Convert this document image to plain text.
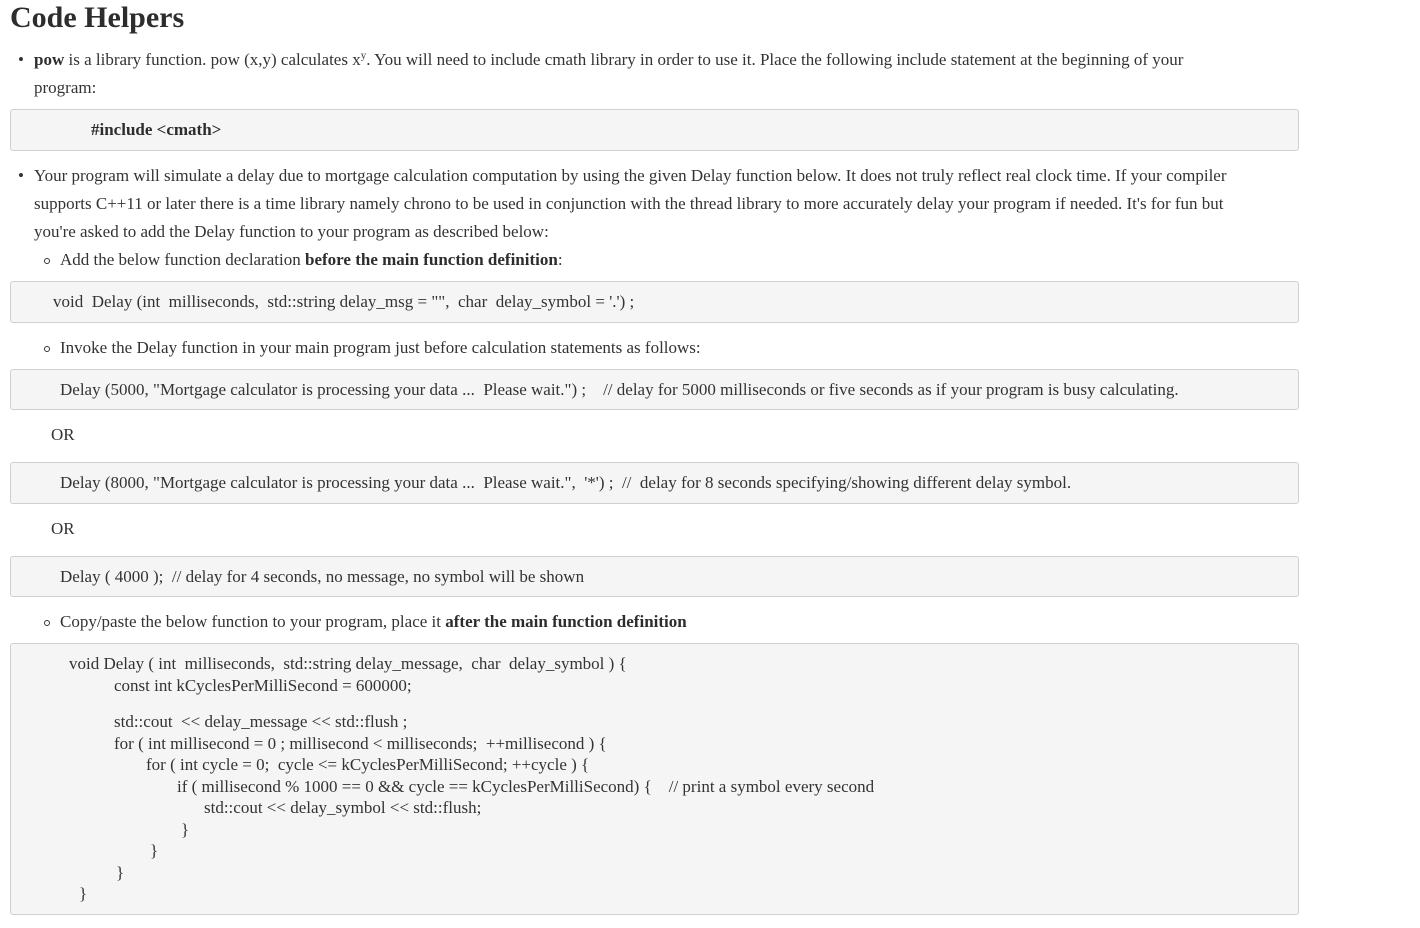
Code Helpers
• pow is a library function. pow (x,y) calculates $x^y$. You will need to include cmath library in order to use it. Place the following include statement at the beginning of your
program:
#include <cmath>
• Your program will simulate a delay due to mortgage calculation computation by using the given Delay function below. It does not truly reflect real clock time. If your compiler
supports C++11 or later there is a time library namely chrono to be used in conjunction with the thread library to more accurately delay your program if needed. It's for fun but
you're asked to add the Delay function to your program as described below:
Add the below function declaration before the main function definition:
void  Delay (int  milliseconds,  std::string delay_msg = "",  char  delay_symbol = '.') ;
Invoke the Delay function in your main program just before calculation statements as follows:
Delay (5000, "Mortgage calculator is processing your data ...  Please wait.") ;    // delay for 5000 milliseconds or five seconds as if your program is busy calculating.
OR
Delay (8000, "Mortgage calculator is processing your data ...  Please wait.",  '*') ;  //  delay for 8 seconds specifying/showing different delay symbol.
OR
Delay ( 4000 );  // delay for 4 seconds, no message, no symbol will be shown
Copy/paste the below function to your program, place it after the main function definition
void Delay ( int  milliseconds,  std::string delay_message,  char  delay_symbol ) {
const int kCyclesPerMilliSecond = 600000;
std::cout  << delay_message << std::flush ;
for ( int millisecond = 0 ; millisecond < milliseconds;  ++millisecond ) {
for ( int cycle = 0;  cycle <= kCyclesPerMilliSecond; ++cycle ) {
if ( millisecond % 1000 == 0 && cycle == kCyclesPerMilliSecond) {    // print a symbol every second
std::cout << delay_symbol << std::flush;
}
}
}
}
